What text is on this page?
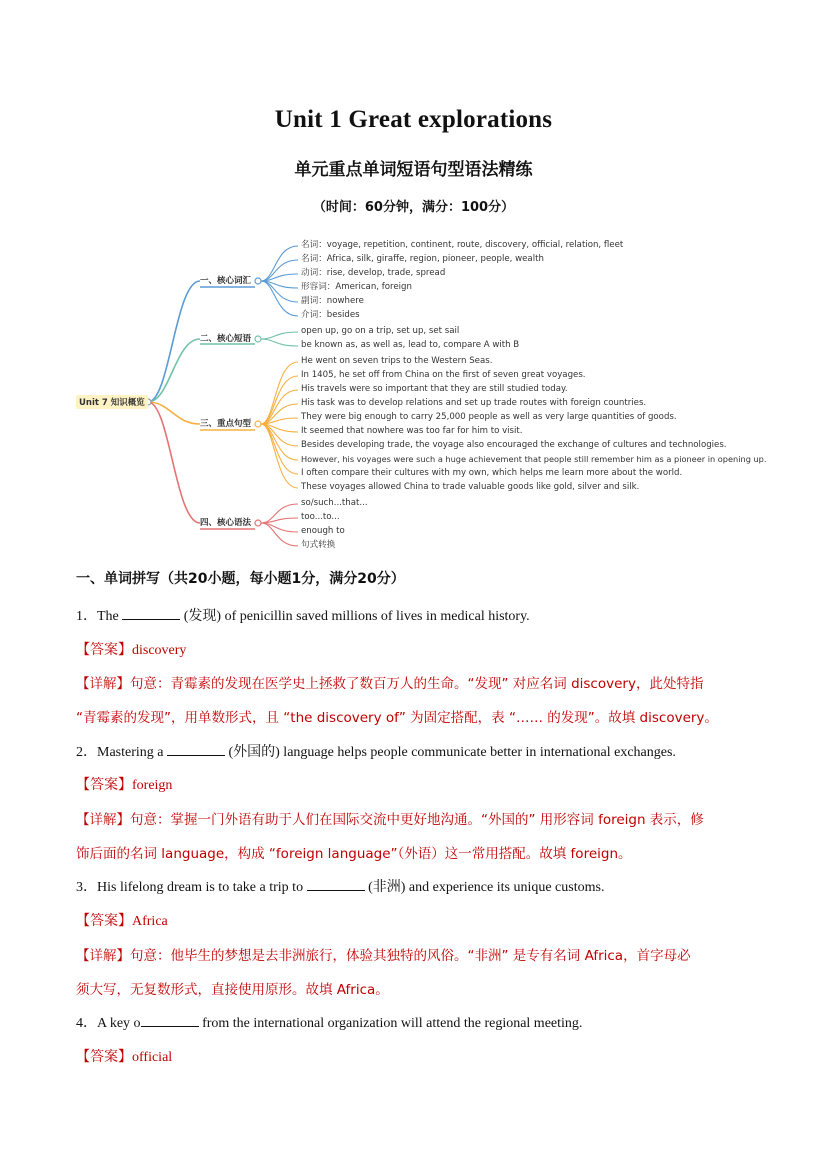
Unit 1 Great explorations
单元重点单词短语句型语法精练
（时间：60分钟，满分：100分）
Unit 7 知识概览
一、核心词汇
二、核心短语
三、重点句型
四、核心语法
名词：voyage, repetition, continent, route, discovery, official, relation, fleet
名词：Africa, silk, giraffe, region, pioneer, people, wealth
动词：rise, develop, trade, spread
形容词：American, foreign
副词：nowhere
介词：besides
open up, go on a trip, set up, set sail
be known as, as well as, lead to, compare A with B
He went on seven trips to the Western Seas.
In 1405, he set off from China on the first of seven great voyages.
His travels were so important that they are still studied today.
His task was to develop relations and set up trade routes with foreign countries.
They were big enough to carry 25,000 people as well as very large quantities of goods.
It seemed that nowhere was too far for him to visit.
Besides developing trade, the voyage also encouraged the exchange of cultures and technologies.
However, his voyages were such a huge achievement that people still remember him as a pioneer in opening up.
I often compare their cultures with my own, which helps me learn more about the world.
These voyages allowed China to trade valuable goods like gold, silver and silk.
so/such...that...
too...to...
enough to
句式转换
一、单词拼写（共20小题，每小题1分，满分20分）
1．The	(发现) of penicillin saved millions of lives in medical history.
【答案】discovery
【详解】句意：青霉素的发现在医学史上拯救了数百万人的生命。“发现” 对应名词 discovery，此处特指
“青霉素的发现”，用单数形式，且 “the discovery of” 为固定搭配，表 “…… 的发现”。故填 discovery。
2．Mastering a	(外国的) language helps people communicate better in international exchanges.
【答案】foreign
【详解】句意：掌握一门外语有助于人们在国际交流中更好地沟通。“外国的” 用形容词 foreign 表示，修
饰后面的名词 language，构成 “foreign language”（外语）这一常用搭配。故填 foreign。
3．His lifelong dream is to take a trip to	(非洲) and experience its unique customs.
【答案】Africa
【详解】句意：他毕生的梦想是去非洲旅行，体验其独特的风俗。“非洲” 是专有名词 Africa，首字母必
须大写，无复数形式，直接使用原形。故填 Africa。
4．A key o	from the international organization will attend the regional meeting.
【答案】official
